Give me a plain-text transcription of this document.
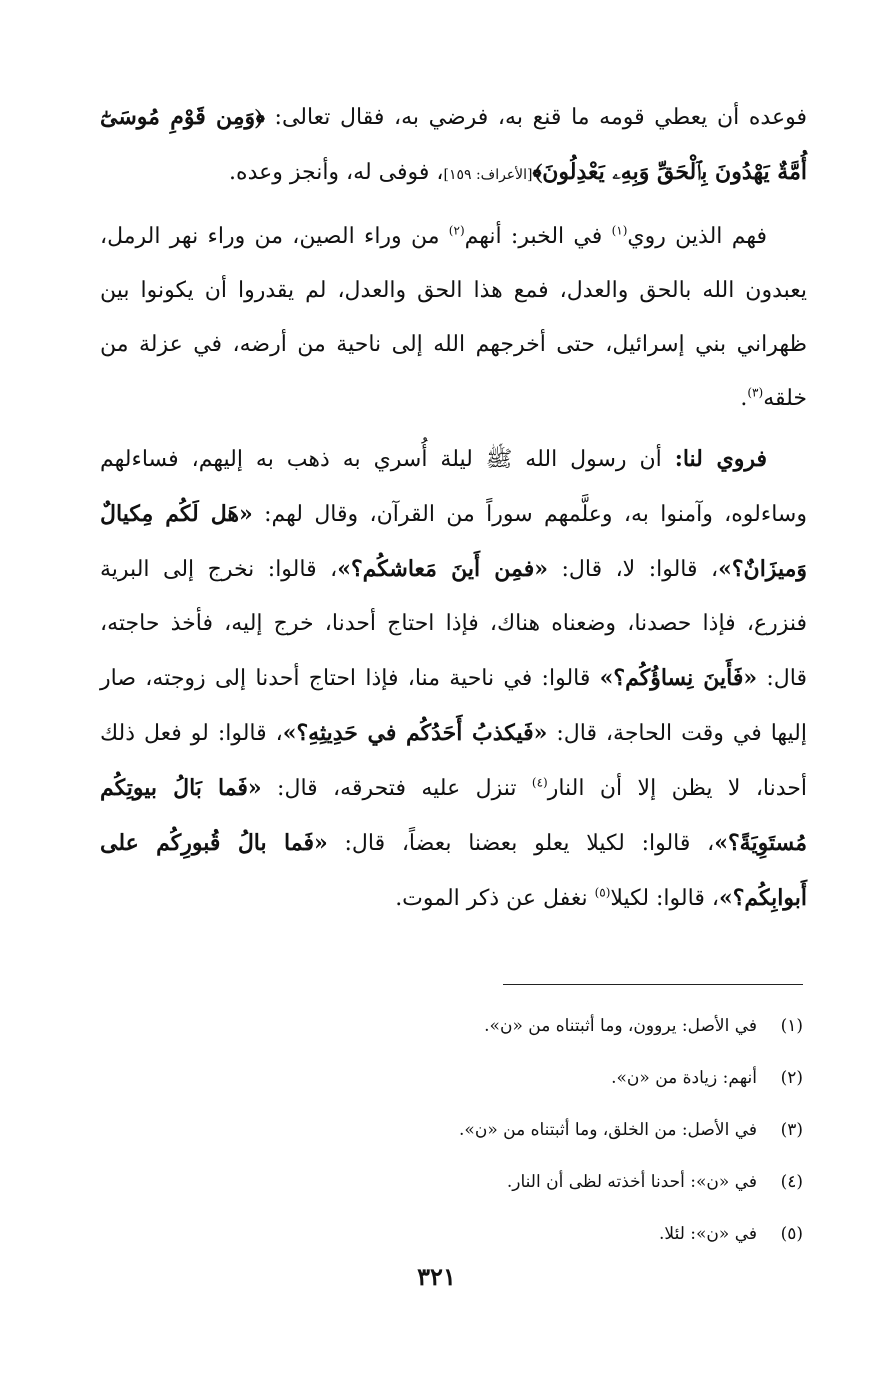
فوعده أن يعطي قومه ما قنع به، فرضي به، فقال تعالى: ﴿وَمِن قَوْمِ مُوسَىٰٓ أُمَّةٌ يَهْدُونَ بِٱلْحَقِّ وَبِهِۦ يَعْدِلُونَ﴾[الأعراف: ١٥٩]، فوفى له، وأنجز وعده.

فهم الذين روي$^{(١)}$ في الخبر: أنهم$^{(٢)}$ من وراء الصين، من وراء نهر الرمل، يعبدون الله بالحق والعدل، فمع هذا الحق والعدل، لم يقدروا أن يكونوا بين ظهراني بني إسرائيل، حتى أخرجهم الله إلى ناحية من أرضه، في عزلة من خلقه$^{(٣)}$.

فروي لنا: أن رسول الله ﷺ ليلة أُسري به ذهب به إليهم، فساءلهم وساءلوه، وآمنوا به، وعلَّمهم سوراً من القرآن، وقال لهم: «هَل لَكُم مِكيالٌ وَميزَانٌ؟»، قالوا: لا، قال: «فمِن أَينَ مَعاشكُم؟»، قالوا: نخرج إلى البرية فنزرع، فإذا حصدنا، وضعناه هناك، فإذا احتاج أحدنا، خرج إليه، فأخذ حاجته، قال: «فَأَينَ نِساؤُكُم؟» قالوا: في ناحية منا، فإذا احتاج أحدنا إلى زوجته، صار إليها في وقت الحاجة، قال: «فَيكذبُ أَحَدُكُم في حَدِيثِهِ؟»، قالوا: لو فعل ذلك أحدنا، لا يظن إلا أن النار$^{(٤)}$ تنزل عليه فتحرقه، قال: «فَما بَالُ بيوتِكُم مُستَوِيَةً؟»، قالوا: لكيلا يعلو بعضنا بعضاً، قال: «فَما بالُ قُبورِكُم على أَبوابِكُم؟»، قالوا: لكيلا$^{(٥)}$ نغفل عن ذكر الموت.

(١)في الأصل: يروون، وما أثبتناه من «ن».
(٢)أنهم: زيادة من «ن».
(٣)في الأصل: من الخلق، وما أثبتناه من «ن».
(٤)في «ن»: أحدنا أخذته لظى أن النار.
(٥)في «ن»: لئلا.
٣٢١
